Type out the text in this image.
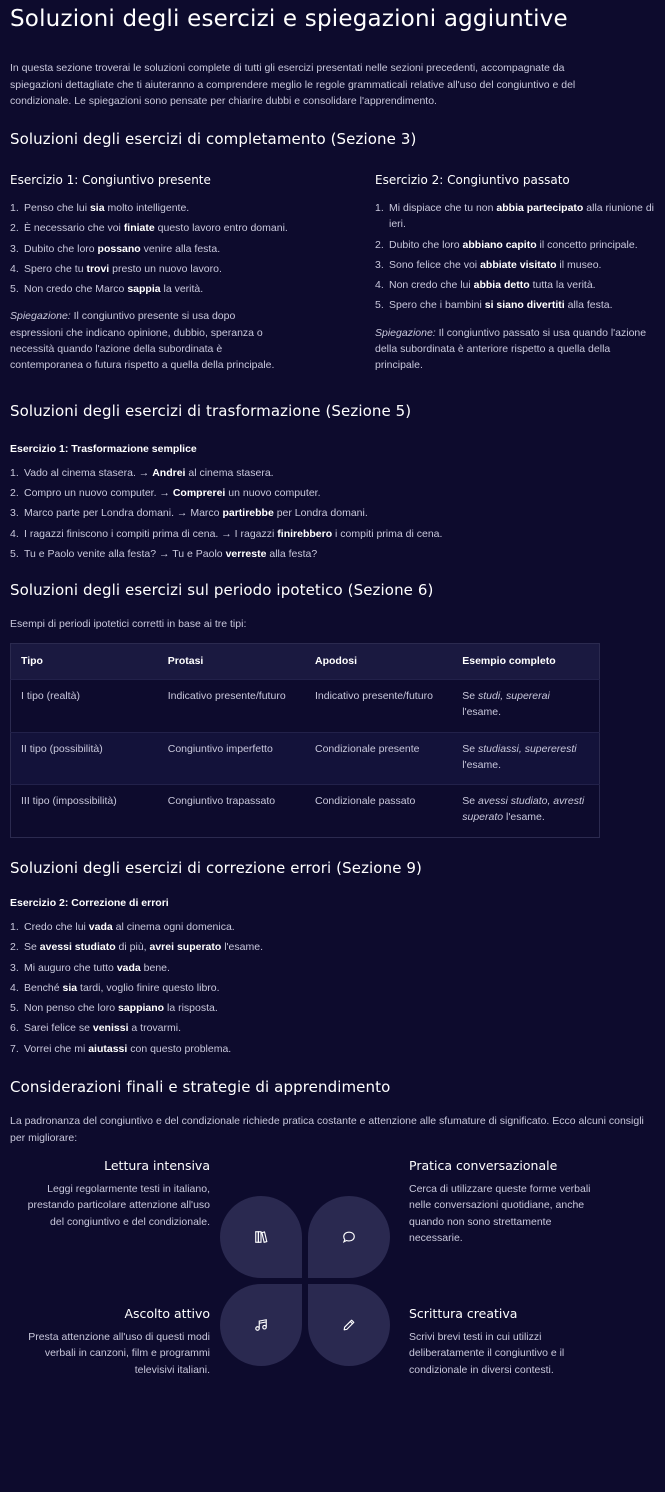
Soluzioni degli esercizi e spiegazioni aggiuntive

In questa sezione troverai le soluzioni complete di tutti gli esercizi presentati nelle sezioni precedenti, accompagnate da spiegazioni dettagliate che ti aiuteranno a comprendere meglio le regole grammaticali relative all'uso del congiuntivo e del condizionale. Le spiegazioni sono pensate per chiarire dubbi e consolidare l'apprendimento.

Soluzioni degli esercizi di completamento (Sezione 3)
Esercizio 1: Congiuntivo presente
1. Penso che lui sia molto intelligente.
2. È necessario che voi finiate questo lavoro entro domani.
3. Dubito che loro possano venire alla festa.
4. Spero che tu trovi presto un nuovo lavoro.
5. Non credo che Marco sappia la verità.

Spiegazione: Il congiuntivo presente si usa dopo espressioni che indicano opinione, dubbio, speranza o necessità quando l'azione della subordinata è contemporanea o futura rispetto a quella della principale.

Esercizio 2: Congiuntivo passato
1. Mi dispiace che tu non abbia partecipato alla riunione di ieri.
2. Dubito che loro abbiano capito il concetto principale.
3. Sono felice che voi abbiate visitato il museo.
4. Non credo che lui abbia detto tutta la verità.
5. Spero che i bambini si siano divertiti alla festa.

Spiegazione: Il congiuntivo passato si usa quando l'azione della subordinata è anteriore rispetto a quella della principale.

Soluzioni degli esercizi di trasformazione (Sezione 5)
Esercizio 1: Trasformazione semplice
1. Vado al cinema stasera. → Andrei al cinema stasera.
2. Compro un nuovo computer. → Comprerei un nuovo computer.
3. Marco parte per Londra domani. → Marco partirebbe per Londra domani.
4. I ragazzi finiscono i compiti prima di cena. → I ragazzi finirebbero i compiti prima di cena.
5. Tu e Paolo venite alla festa? → Tu e Paolo verreste alla festa?
Soluzioni degli esercizi sul periodo ipotetico (Sezione 6)

Esempi di periodi ipotetici corretti in base ai tre tipi:

Tipo	Protasi	Apodosi	Esempio completo
I tipo (realtà)	Indicativo presente/futuro	Indicativo presente/futuro	Se studi, supererai l'esame.
II tipo (possibilità)	Congiuntivo imperfetto	Condizionale presente	Se studiassi, supereresti l'esame.
III tipo (impossibilità)	Congiuntivo trapassato	Condizionale passato	Se avessi studiato, avresti superato l'esame.
Soluzioni degli esercizi di correzione errori (Sezione 9)
Esercizio 2: Correzione di errori
1. Credo che lui vada al cinema ogni domenica.
2. Se avessi studiato di più, avrei superato l'esame.
3. Mi auguro che tutto vada bene.
4. Benché sia tardi, voglio finire questo libro.
5. Non penso che loro sappiano la risposta.
6. Sarei felice se venissi a trovarmi.
7. Vorrei che mi aiutassi con questo problema.
Considerazioni finali e strategie di apprendimento

La padronanza del congiuntivo e del condizionale richiede pratica costante e attenzione alle sfumature di significato. Ecco alcuni consigli per migliorare:

Lettura intensiva

Leggi regolarmente testi in italiano, prestando particolare attenzione all'uso del congiuntivo e del condizionale.

Pratica conversazionale

Cerca di utilizzare queste forme verbali nelle conversazioni quotidiane, anche quando non sono strettamente necessarie.

Ascolto attivo

Presta attenzione all'uso di questi modi verbali in canzoni, film e programmi televisivi italiani.

Scrittura creativa

Scrivi brevi testi in cui utilizzi deliberatamente il congiuntivo e il condizionale in diversi contesti.
